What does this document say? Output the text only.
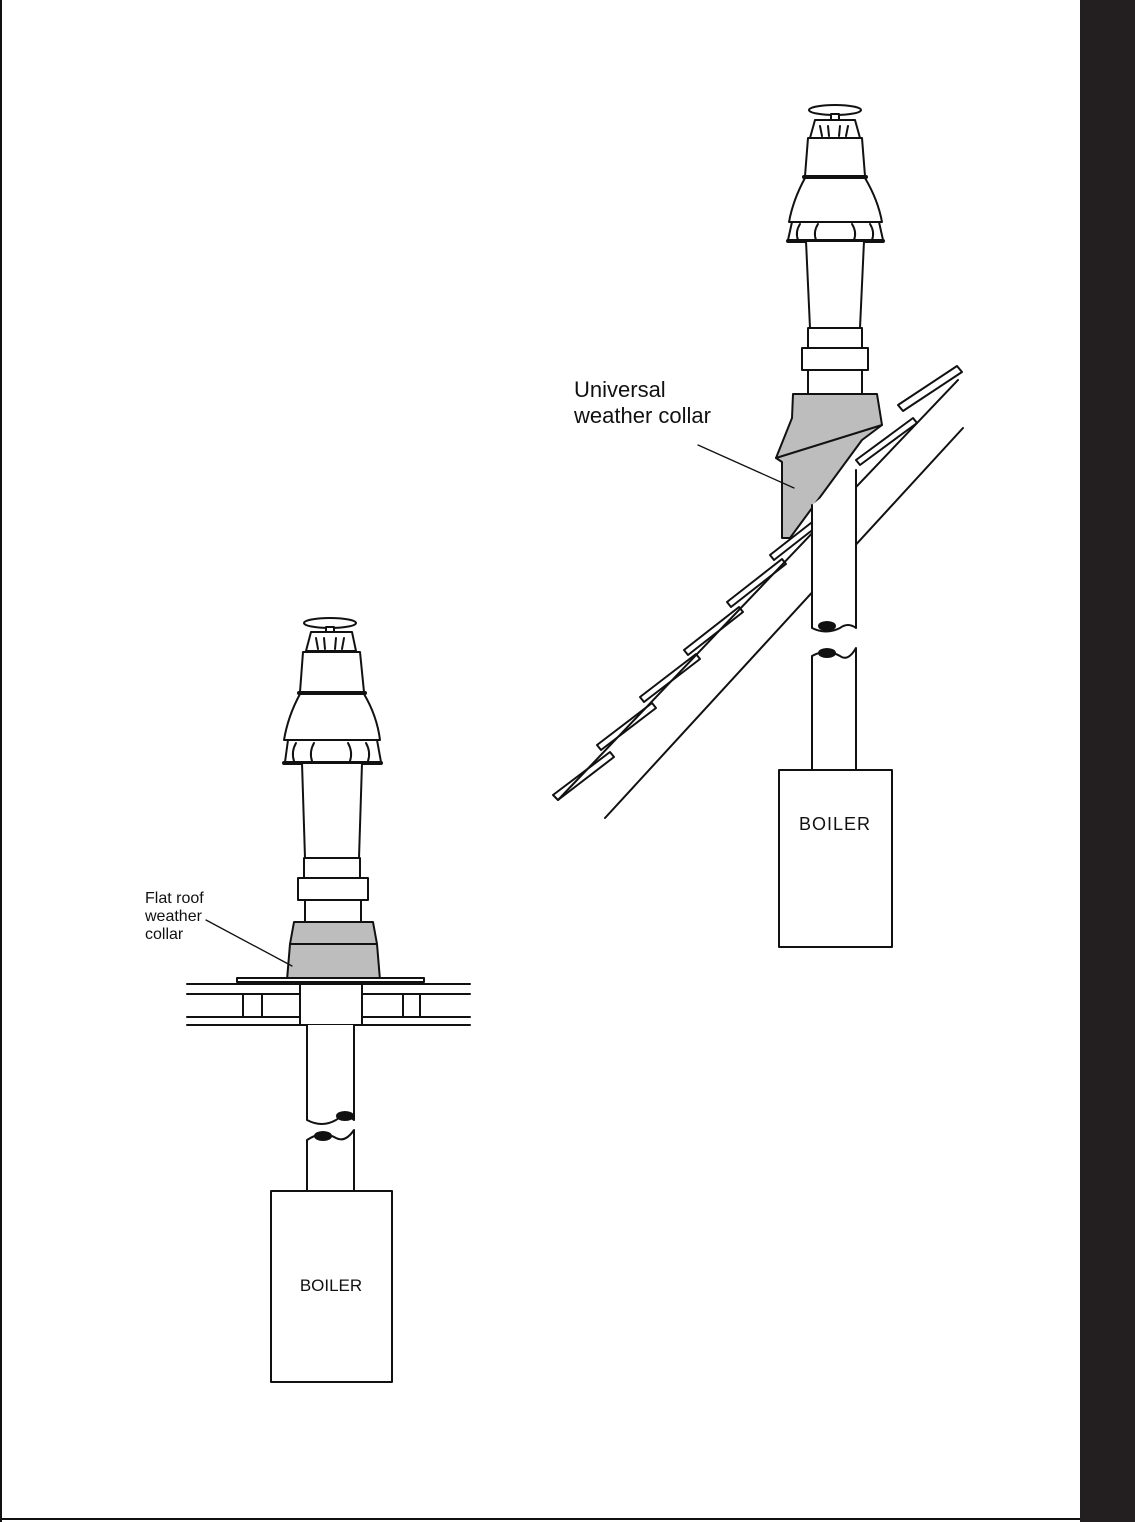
Universal
weather collar
BOILER
Flat roof
weather
collar
BOILER
